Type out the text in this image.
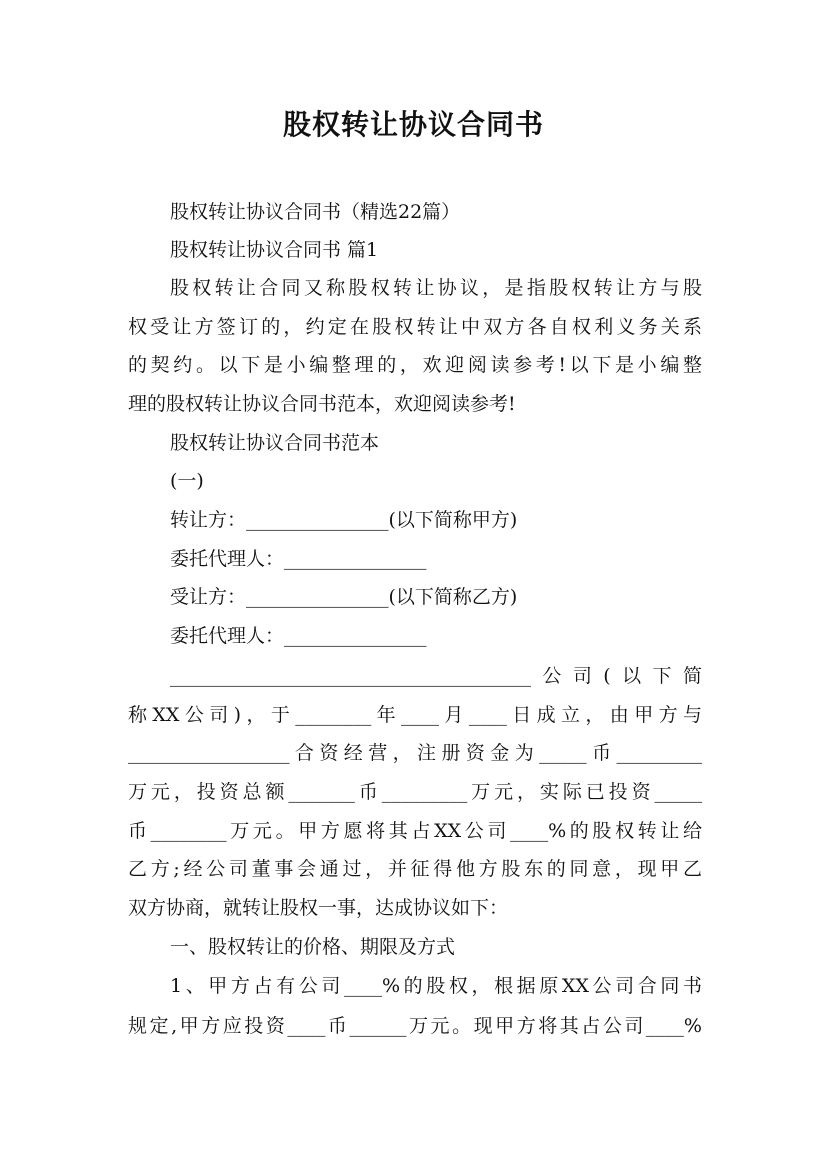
股权转让协议合同书
股权转让协议合同书（精选22篇）
股权转让协议合同书 篇1
股权转让合同又称股权转让协议，是指股权转让方与股
权受让方签订的，约定在股权转让中双方各自权利义务关系
的契约。以下是小编整理的，欢迎阅读参考!以下是小编整
理的股权转让协议合同书范本，欢迎阅读参考!
股权转让协议合同书范本
(一)
转让方：_______________(以下简称甲方)
委托代理人：_______________
受让方：_______________(以下简称乙方)
委托代理人：_______________
______________________________________公司(以下简
称XX公司)，于________年____月____日成立，由甲方与
_________________合资经营，注册资金为_____币_________
万元，投资总额_______币_________万元，实际已投资_____
币________万元。甲方愿将其占XX公司____%的股权转让给
乙方;经公司董事会通过，并征得他方股东的同意，现甲乙
双方协商，就转让股权一事，达成协议如下：
一、股权转让的价格、期限及方式
1、甲方占有公司____%的股权，根据原XX公司合同书
规定,甲方应投资____币______万元。现甲方将其占公司____%
